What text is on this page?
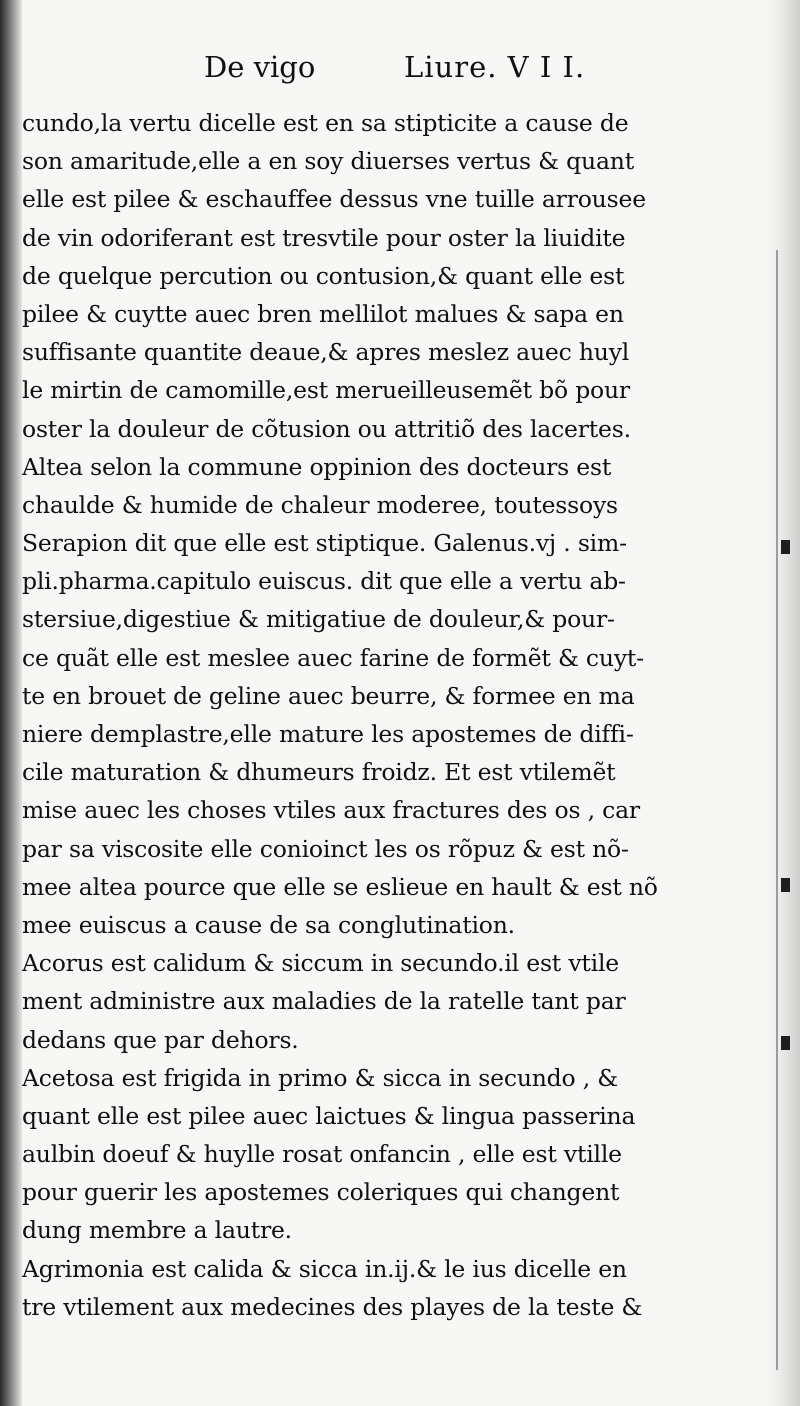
De vigo	Liure. V I I.
cundo,la vertu dicelle est en sa stipticite a cause de
son amaritude,elle a en soy diuerses vertus & quant
elle est pilee & eschauffee dessus vne tuille arrousee
de vin odoriferant est tresvtile pour oster la liuidite
de quelque percution ou contusion,& quant elle est
pilee & cuytte auec bren mellilot malues & sapa en
suffisante quantite deaue,& apres meslez auec huyl
le mirtin de camomille,est merueilleusemẽt bõ pour
oster la douleur de cõtusion ou attritiõ des lacertes.
Altea selon la commune oppinion des docteurs est
chaulde & humide de chaleur moderee, toutessoys
Serapion dit que elle est stiptique. Galenus.vj . sim-
pli.pharma.capitulo euiscus. dit que elle a vertu ab-
stersiue,digestiue & mitigatiue de douleur,& pour-
ce quãt elle est meslee auec farine de formẽt & cuyt-
te en brouet de geline auec beurre, & formee en ma
niere demplastre,elle mature les apostemes de diffi-
cile maturation & dhumeurs froidz. Et est vtilemẽt
mise auec les choses vtiles aux fractures des os , car
par sa viscosite elle conioinct les os rõpuz & est nõ-
mee altea pource que elle se eslieue en hault & est nõ
mee euiscus a cause de sa conglutination.
Acorus est calidum & siccum in secundo.il est vtile
ment administre aux maladies de la ratelle tant par
dedans que par dehors.
Acetosa est frigida in primo & sicca in secundo , &
quant elle est pilee auec laictues & lingua passerina
aulbin doeuf & huylle rosat onfancin , elle est vtille
pour guerir les apostemes coleriques qui changent
dung membre a lautre.
Agrimonia est calida & sicca in.ij.& le ius dicelle en
tre vtilement aux medecines des playes de la teste &
